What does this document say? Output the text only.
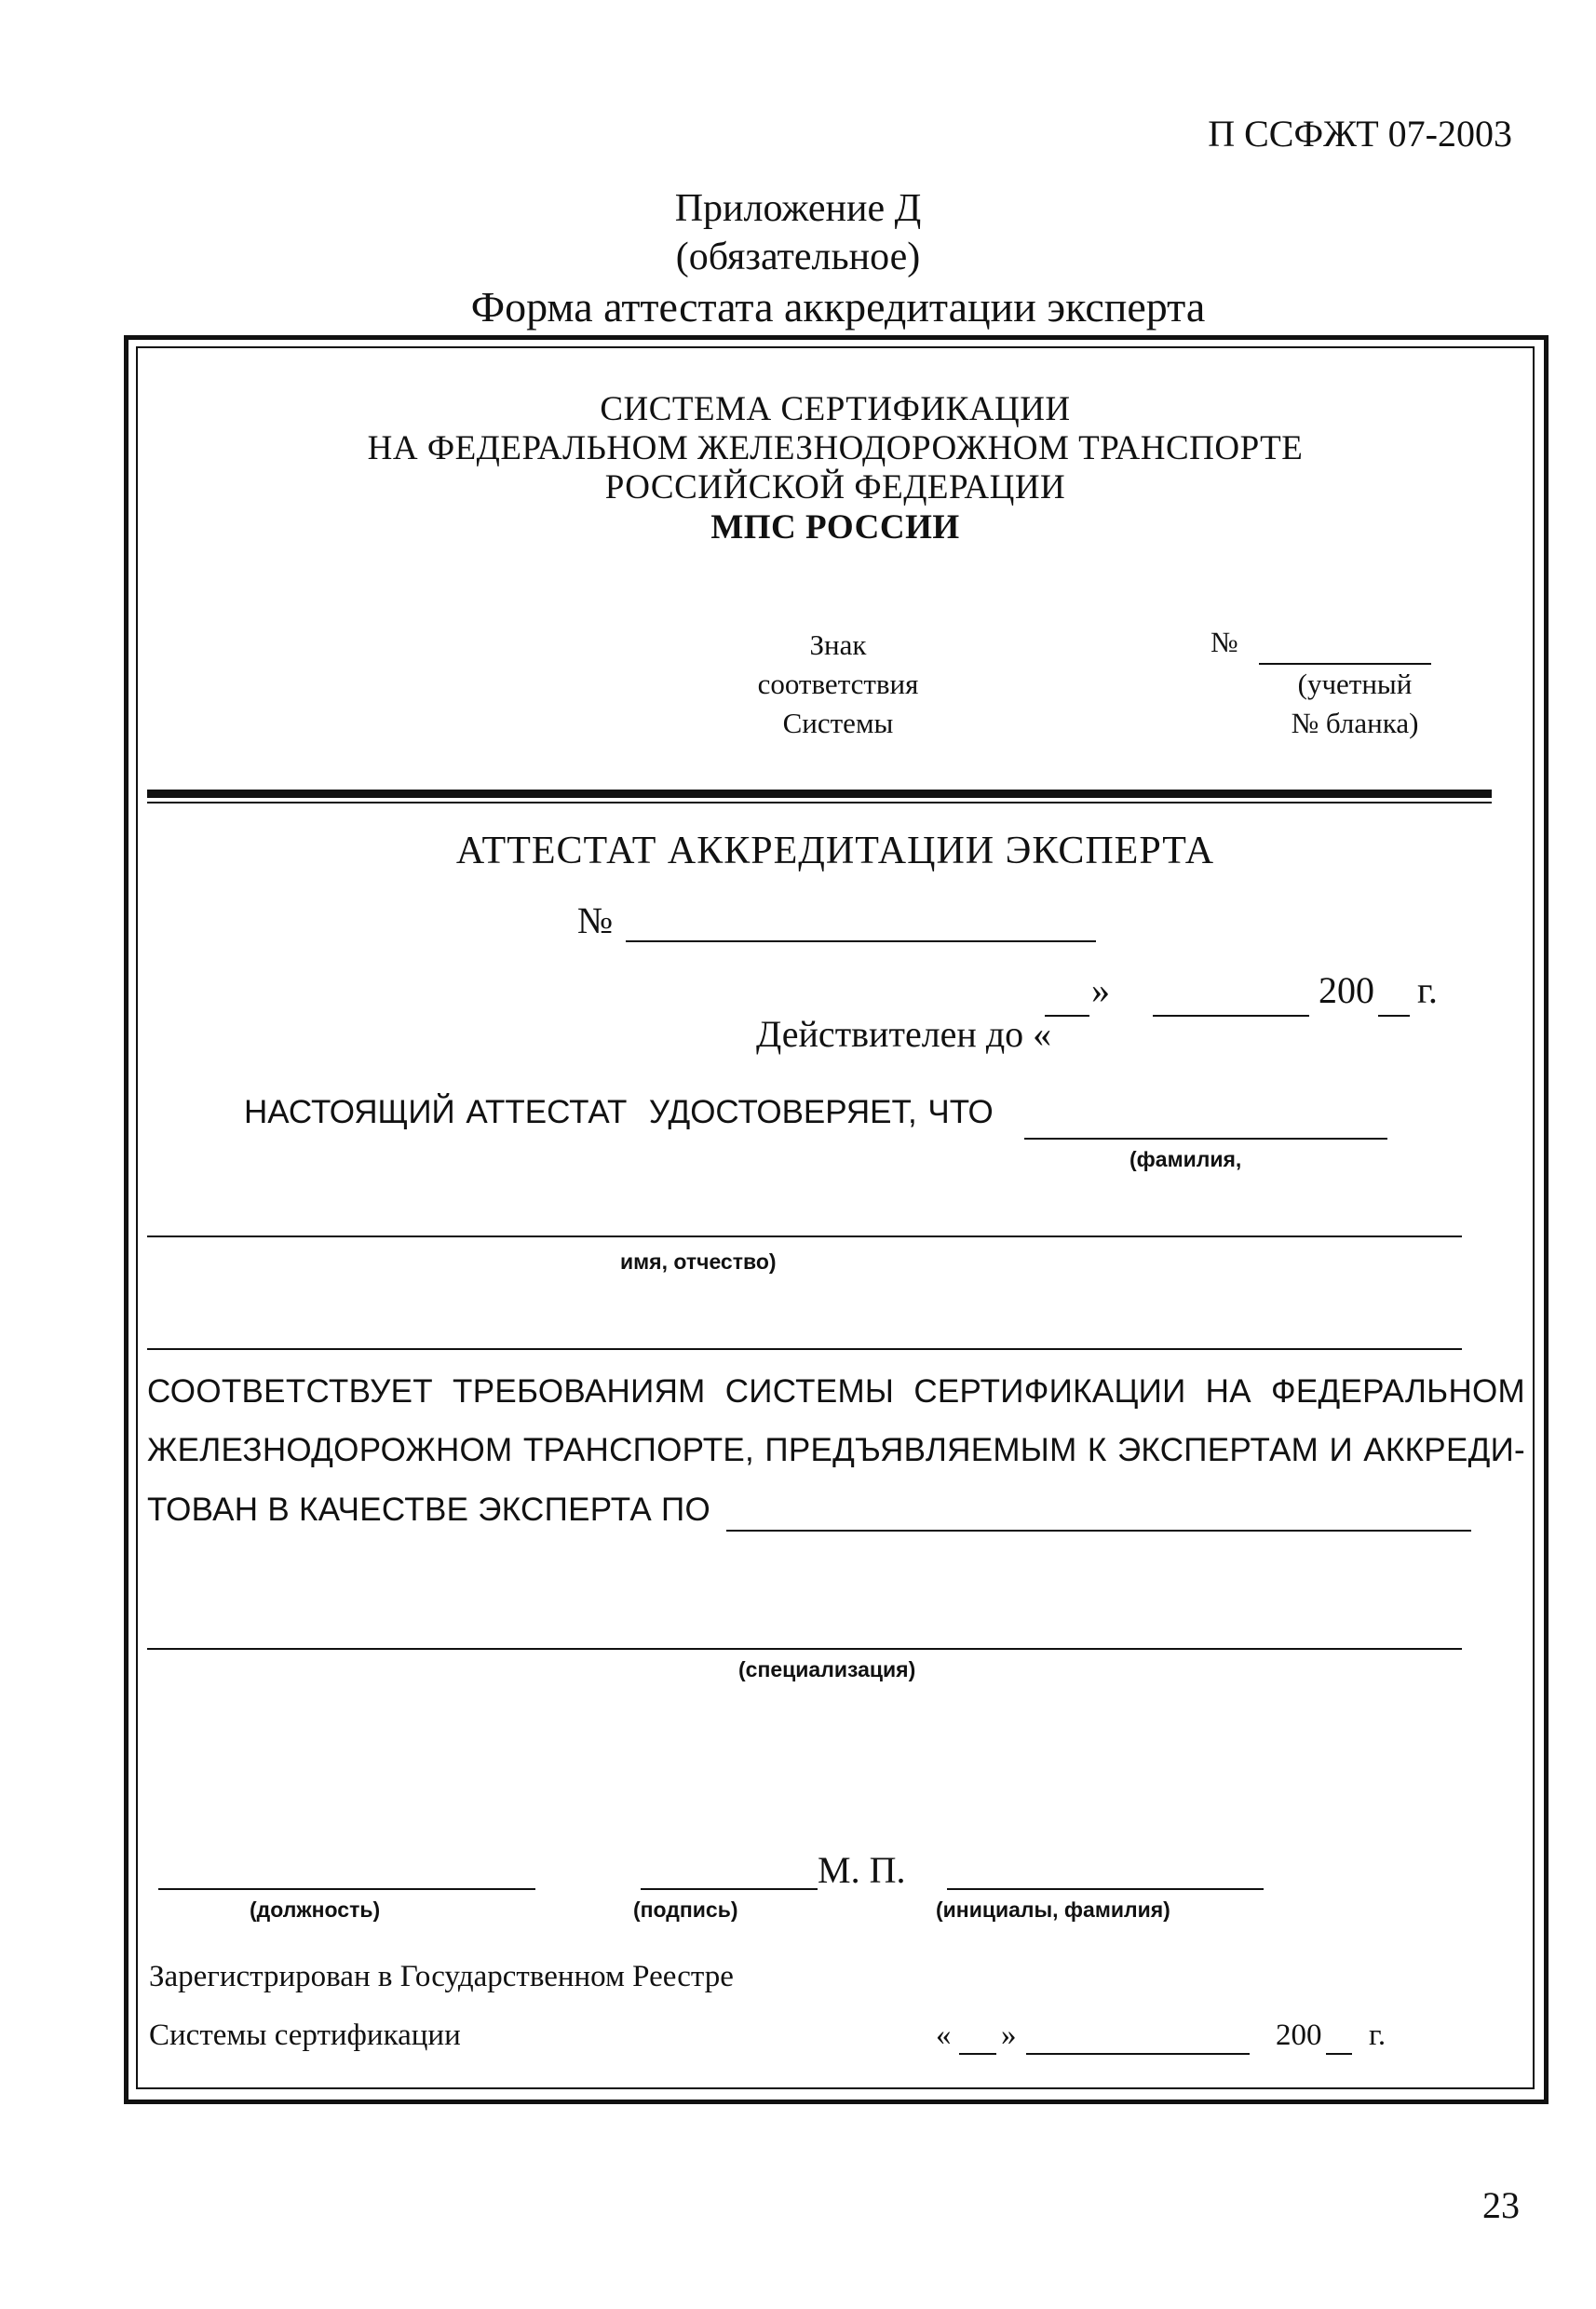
П ССФЖТ 07-2003
Приложение Д
(обязательное)
Форма аттестата аккредитации эксперта
СИСТЕМА СЕРТИФИКАЦИИ
НА ФЕДЕРАЛЬНОМ ЖЕЛЕЗНОДОРОЖНОМ ТРАНСПОРТЕ
РОССИЙСКОЙ ФЕДЕРАЦИИ
МПС РОССИИ
Знак
соответствия
Системы
№
(учетный
№ бланка)
АТТЕСТАТ АККРЕДИТАЦИИ ЭКСПЕРТА
№

Действителен до «

»	200 г.
НАСТОЯЩИЙ АТТЕСТАТ  УДОСТОВЕРЯЕТ, ЧТО
(фамилия,
имя, отчество)
СООТВЕТСТВУЕТ ТРЕБОВАНИЯМ СИСТЕМЫ СЕРТИФИКАЦИИ НА ФЕДЕРАЛЬНОМ
ЖЕЛЕЗНОДОРОЖНОМ ТРАНСПОРТЕ, ПРЕДЪЯВЛЯЕМЫМ К ЭКСПЕРТАМ И АККРЕДИ-
ТОВАН В КАЧЕСТВЕ ЭКСПЕРТА ПО
(специализация)
М. П.
(должность)	(подпись)	(инициалы, фамилия)
Зарегистрирован в Государственном Реестре
Системы сертификации	« »	200 г.
23
